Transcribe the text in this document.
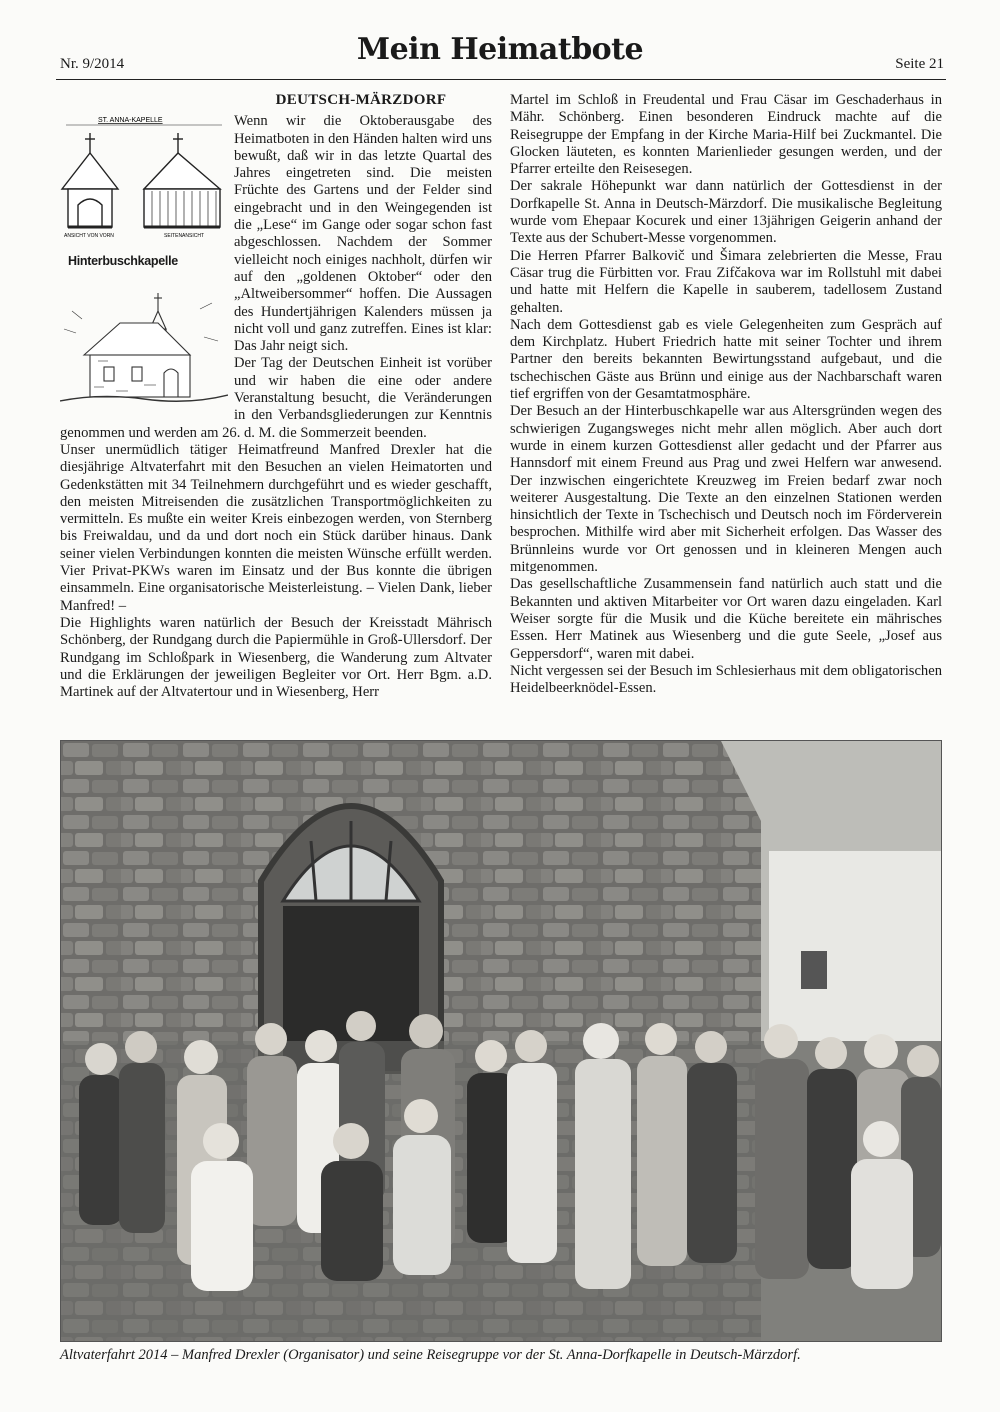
Nr. 9/2014	Mein Heimatbote	Seite 21
DEUTSCH-MÄRZDORF
ST. ANNA-KAPELLE
ANSICHT VON VORN	SEITENANSICHT
Hinterbuschkapelle

Wenn wir die Oktoberausgabe des Heimatboten in den Händen halten wird uns bewußt, daß wir in das letzte Quartal des Jahres eingetreten sind. Die meisten Früchte des Gartens und der Felder sind eingebracht und in den Weingegenden ist die „Lese“ im Gange oder sogar schon fast abgeschlossen. Nachdem der Sommer vielleicht noch einiges nachholt, dürfen wir auf den „goldenen Oktober“ oder den „Altweibersommer“ hoffen. Die Aussagen des Hundertjährigen Kalenders müssen ja nicht voll und ganz zutreffen. Eines ist klar: Das Jahr neigt sich.

Der Tag der Deutschen Einheit ist vorüber und wir haben die eine oder andere Veranstaltung besucht, die Veränderungen in den Verbandsgliederungen zur Kenntnis genommen und werden am 26. d. M. die Sommerzeit beenden.

Unser unermüdlich tätiger Heimatfreund Manfred Drexler hat die diesjährige Altvaterfahrt mit den Besuchen an vielen Heimatorten und Gedenkstätten mit 34 Teilnehmern durchgeführt und es wieder geschafft, den meisten Mitreisenden die zusätzlichen Transportmöglichkeiten zu vermitteln. Es mußte ein weiter Kreis einbezogen werden, von Sternberg bis Freiwaldau, und da und dort noch ein Stück darüber hinaus. Dank seiner vielen Verbindungen konnten die meisten Wünsche erfüllt werden. Vier Privat-PKWs waren im Einsatz und der Bus konnte die übrigen einsammeln. Eine organisatorische Meisterleistung. – Vielen Dank, lieber Manfred! –

Die Highlights waren natürlich der Besuch der Kreisstadt Mährisch Schönberg, der Rundgang durch die Papiermühle in Groß-Ullersdorf. Der Rundgang im Schloßpark in Wiesenberg, die Wanderung zum Altvater und die Erklärungen der jeweiligen Begleiter vor Ort. Herr Bgm. a.D. Martinek auf der Altvatertour und in Wiesenberg, Herr

Martel im Schloß in Freudental und Frau Cäsar im Geschaderhaus in Mähr. Schönberg. Einen besonderen Eindruck machte auf die Reisegruppe der Empfang in der Kirche Maria-Hilf bei Zuckmantel. Die Glocken läuteten, es konnten Marienlieder gesungen werden, und der Pfarrer erteilte den Reisesegen.

Der sakrale Höhepunkt war dann natürlich der Gottesdienst in der Dorfkapelle St. Anna in Deutsch-Märzdorf. Die musikalische Begleitung wurde vom Ehepaar Kocurek und einer 13jährigen Geigerin anhand der Texte aus der Schubert-Messe vorgenommen.

Die Herren Pfarrer Balkovič und Šimara zelebrierten die Messe, Frau Cäsar trug die Fürbitten vor. Frau Zifčakova war im Rollstuhl mit dabei und hatte mit Helfern die Kapelle in sauberem, tadellosem Zustand gehalten.

Nach dem Gottesdienst gab es viele Gelegenheiten zum Gespräch auf dem Kirchplatz. Hubert Friedrich hatte mit seiner Tochter und ihrem Partner den bereits bekannten Bewirtungsstand aufgebaut, und die tschechischen Gäste aus Brünn und einige aus der Nachbarschaft waren tief ergriffen von der Gesamtatmosphäre.

Der Besuch an der Hinterbuschkapelle war aus Altersgründen wegen des schwierigen Zugangsweges nicht mehr allen möglich. Aber auch dort wurde in einem kurzen Gottesdienst aller gedacht und der Pfarrer aus Hannsdorf mit einem Freund aus Prag und zwei Helfern war anwesend. Der inzwischen eingerichtete Kreuzweg im Freien bedarf zwar noch weiterer Ausgestaltung. Die Texte an den einzelnen Stationen werden hinsichtlich der Texte in Tschechisch und Deutsch noch im Förderverein besprochen. Mithilfe wird aber mit Sicherheit erfolgen. Das Wasser des Brünnleins wurde vor Ort genossen und in kleineren Mengen auch mitgenommen.

Das gesellschaftliche Zusammensein fand natürlich auch statt und die Bekannten und aktiven Mitarbeiter vor Ort waren dazu eingeladen. Karl Weiser sorgte für die Musik und die Küche bereitete ein mährisches Essen. Herr Matinek aus Wiesenberg und die gute Seele, „Josef aus Geppersdorf“, waren mit dabei.

Nicht vergessen sei der Besuch im Schlesierhaus mit dem obligatorischen Heidelbeerknödel-Essen.

Altvaterfahrt 2014 – Manfred Drexler (Organisator) und seine Reisegruppe vor der St. Anna-Dorfkapelle in Deutsch-Märzdorf.
